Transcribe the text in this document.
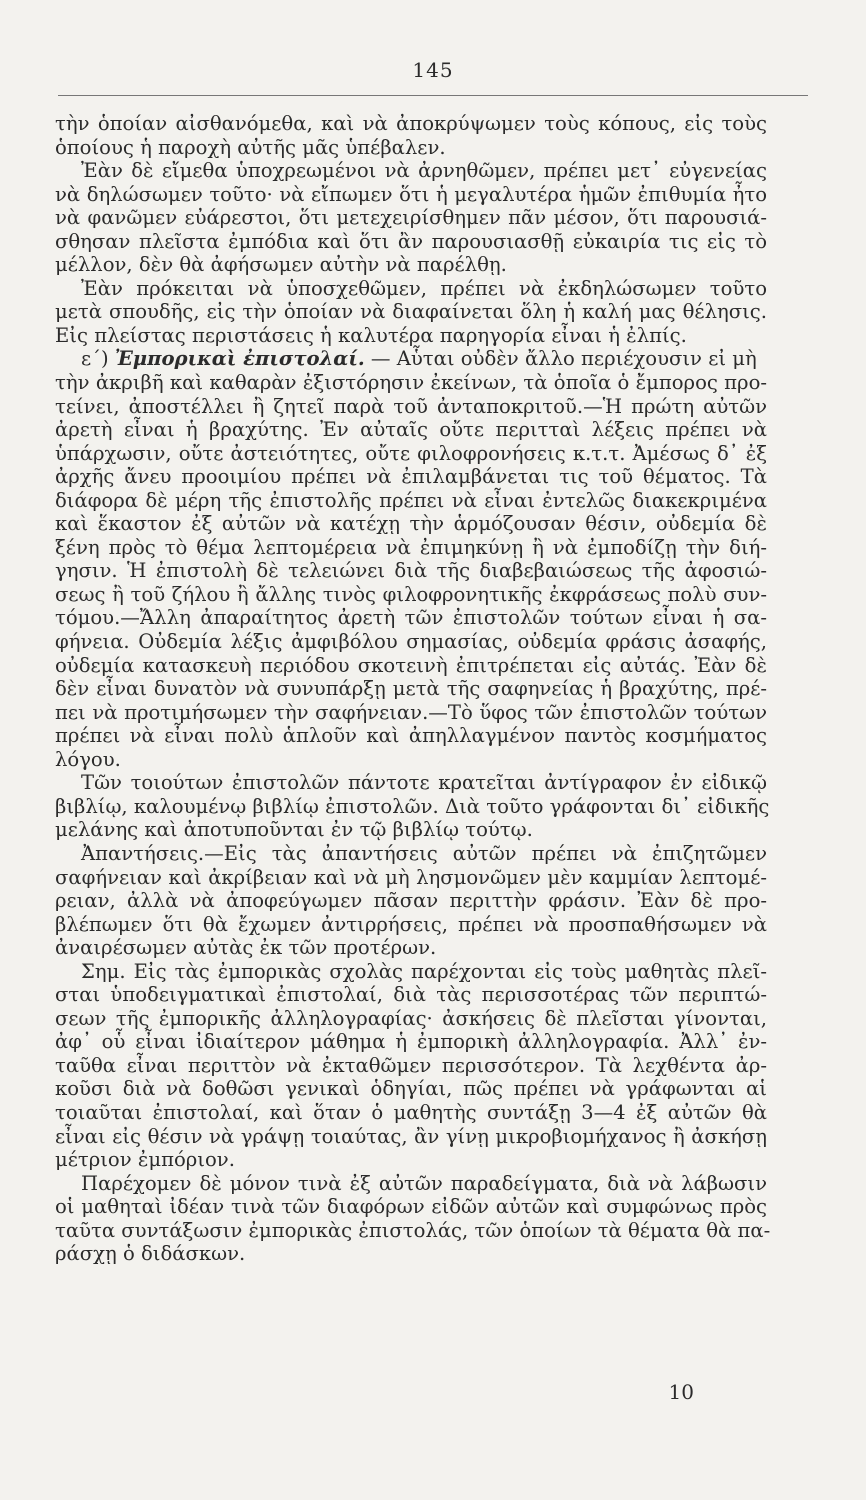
145
τὴν ὁποίαν αἰσθανόμεθα, καὶ νὰ ἀποκρύψωμεν τοὺς κόπους, εἰς τοὺς
ὁποίους ἡ παροχὴ αὐτῆς μᾶς ὑπέβαλεν.
Ἐὰν δὲ εἴμεθα ὑποχρεωμένοι νὰ ἀρνηθῶμεν, πρέπει μετ᾿ εὐγενείας
νὰ δηλώσωμεν τοῦτο· νὰ εἴπωμεν ὅτι ἡ μεγαλυτέρα ἡμῶν ἐπιθυμία ἦτο
νὰ φανῶμεν εὐάρεστοι, ὅτι μετεχειρίσθημεν πᾶν μέσον, ὅτι παρουσιά-
σθησαν πλεῖστα ἐμπόδια καὶ ὅτι ἂν παρουσιασθῇ εὐκαιρία τις εἰς τὸ
μέλλον, δὲν θὰ ἀφήσωμεν αὐτὴν νὰ παρέλθῃ.
Ἐὰν πρόκειται νὰ ὑποσχεθῶμεν, πρέπει νὰ ἐκδηλώσωμεν τοῦτο
μετὰ σπουδῆς, εἰς τὴν ὁποίαν νὰ διαφαίνεται ὅλη ἡ καλή μας θέλησις.
Εἰς πλείστας περιστάσεις ἡ καλυτέρα παρηγορία εἶναι ἡ ἐλπίς.
ε΄) Ἐμπορικαὶ ἐπιστολαί. — Αὗται οὐδὲν ἄλλο περιέχουσιν εἰ μὴ
τὴν ἀκριβῆ καὶ καθαρὰν ἐξιστόρησιν ἐκείνων, τὰ ὁποῖα ὁ ἔμπορος προ-
τείνει, ἀποστέλλει ἢ ζητεῖ παρὰ τοῦ ἀνταποκριτοῦ.—Ἡ πρώτη αὐτῶν
ἀρετὴ εἶναι ἡ βραχύτης. Ἐν αὐταῖς οὔτε περιτταὶ λέξεις πρέπει νὰ
ὑπάρχωσιν, οὔτε ἀστειότητες, οὔτε φιλοφρονήσεις κ.τ.τ. Ἀμέσως δ᾿ ἐξ
ἀρχῆς ἄνευ προοιμίου πρέπει νὰ ἐπιλαμβάνεται τις τοῦ θέματος. Τὰ
διάφορα δὲ μέρη τῆς ἐπιστολῆς πρέπει νὰ εἶναι ἐντελῶς διακεκριμένα
καὶ ἕκαστον ἐξ αὐτῶν νὰ κατέχῃ τὴν ἁρμόζουσαν θέσιν, οὐδεμία δὲ
ξένη πρὸς τὸ θέμα λεπτομέρεια νὰ ἐπιμηκύνῃ ἢ νὰ ἐμποδίζῃ τὴν διή-
γησιν. Ἡ ἐπιστολὴ δὲ τελειώνει διὰ τῆς διαβεβαιώσεως τῆς ἀφοσιώ-
σεως ἢ τοῦ ζήλου ἢ ἄλλης τινὸς φιλοφρονητικῆς ἐκφράσεως πολὺ συν-
τόμου.—Ἄλλη ἀπαραίτητος ἀρετὴ τῶν ἐπιστολῶν τούτων εἶναι ἡ σα-
φήνεια. Οὐδεμία λέξις ἀμφιβόλου σημασίας, οὐδεμία φράσις ἀσαφής,
οὐδεμία κατασκευὴ περιόδου σκοτεινὴ ἐπιτρέπεται εἰς αὐτάς. Ἐὰν δὲ
δὲν εἶναι δυνατὸν νὰ συνυπάρξῃ μετὰ τῆς σαφηνείας ἡ βραχύτης, πρέ-
πει νὰ προτιμήσωμεν τὴν σαφήνειαν.—Τὸ ὕφος τῶν ἐπιστολῶν τούτων
πρέπει νὰ εἶναι πολὺ ἁπλοῦν καὶ ἀπηλλαγμένον παντὸς κοσμήματος
λόγου.
Τῶν τοιούτων ἐπιστολῶν πάντοτε κρατεῖται ἀντίγραφον ἐν εἰδικῷ
βιβλίῳ, καλουμένῳ βιβλίῳ ἐπιστολῶν. Διὰ τοῦτο γράφονται δι᾿ εἰδικῆς
μελάνης καὶ ἀποτυποῦνται ἐν τῷ βιβλίῳ τούτῳ.
Ἀπαντήσεις.—Εἰς τὰς ἀπαντήσεις αὐτῶν πρέπει νὰ ἐπιζητῶμεν
σαφήνειαν καὶ ἀκρίβειαν καὶ νὰ μὴ λησμονῶμεν μὲν καμμίαν λεπτομέ-
ρειαν, ἀλλὰ νὰ ἀποφεύγωμεν πᾶσαν περιττὴν φράσιν. Ἐὰν δὲ προ-
βλέπωμεν ὅτι θὰ ἔχωμεν ἀντιρρήσεις, πρέπει νὰ προσπαθήσωμεν νὰ
ἀναιρέσωμεν αὐτὰς ἐκ τῶν προτέρων.
Σημ. Εἰς τὰς ἐμπορικὰς σχολὰς παρέχονται εἰς τοὺς μαθητὰς πλεῖ-
σται ὑποδειγματικαὶ ἐπιστολαί, διὰ τὰς περισσοτέρας τῶν περιπτώ-
σεων τῆς ἐμπορικῆς ἀλληλογραφίας· ἀσκήσεις δὲ πλεῖσται γίνονται,
ἀφ᾿ οὗ εἶναι ἰδιαίτερον μάθημα ἡ ἐμπορικὴ ἀλληλογραφία. Ἀλλ᾿ ἐν-
ταῦθα εἶναι περιττὸν νὰ ἐκταθῶμεν περισσότερον. Τὰ λεχθέντα ἀρ-
κοῦσι διὰ νὰ δοθῶσι γενικαὶ ὁδηγίαι, πῶς πρέπει νὰ γράφωνται αἱ
τοιαῦται ἐπιστολαί, καὶ ὅταν ὁ μαθητὴς συντάξῃ 3—4 ἐξ αὐτῶν θὰ
εἶναι εἰς θέσιν νὰ γράψῃ τοιαύτας, ἂν γίνῃ μικροβιομήχανος ἢ ἀσκήσῃ
μέτριον ἐμπόριον.
Παρέχομεν δὲ μόνον τινὰ ἐξ αὐτῶν παραδείγματα, διὰ νὰ λάβωσιν
οἱ μαθηταὶ ἰδέαν τινὰ τῶν διαφόρων εἰδῶν αὐτῶν καὶ συμφώνως πρὸς
ταῦτα συντάξωσιν ἐμπορικὰς ἐπιστολάς, τῶν ὁποίων τὰ θέματα θὰ πα-
ράσχῃ ὁ διδάσκων.
10
